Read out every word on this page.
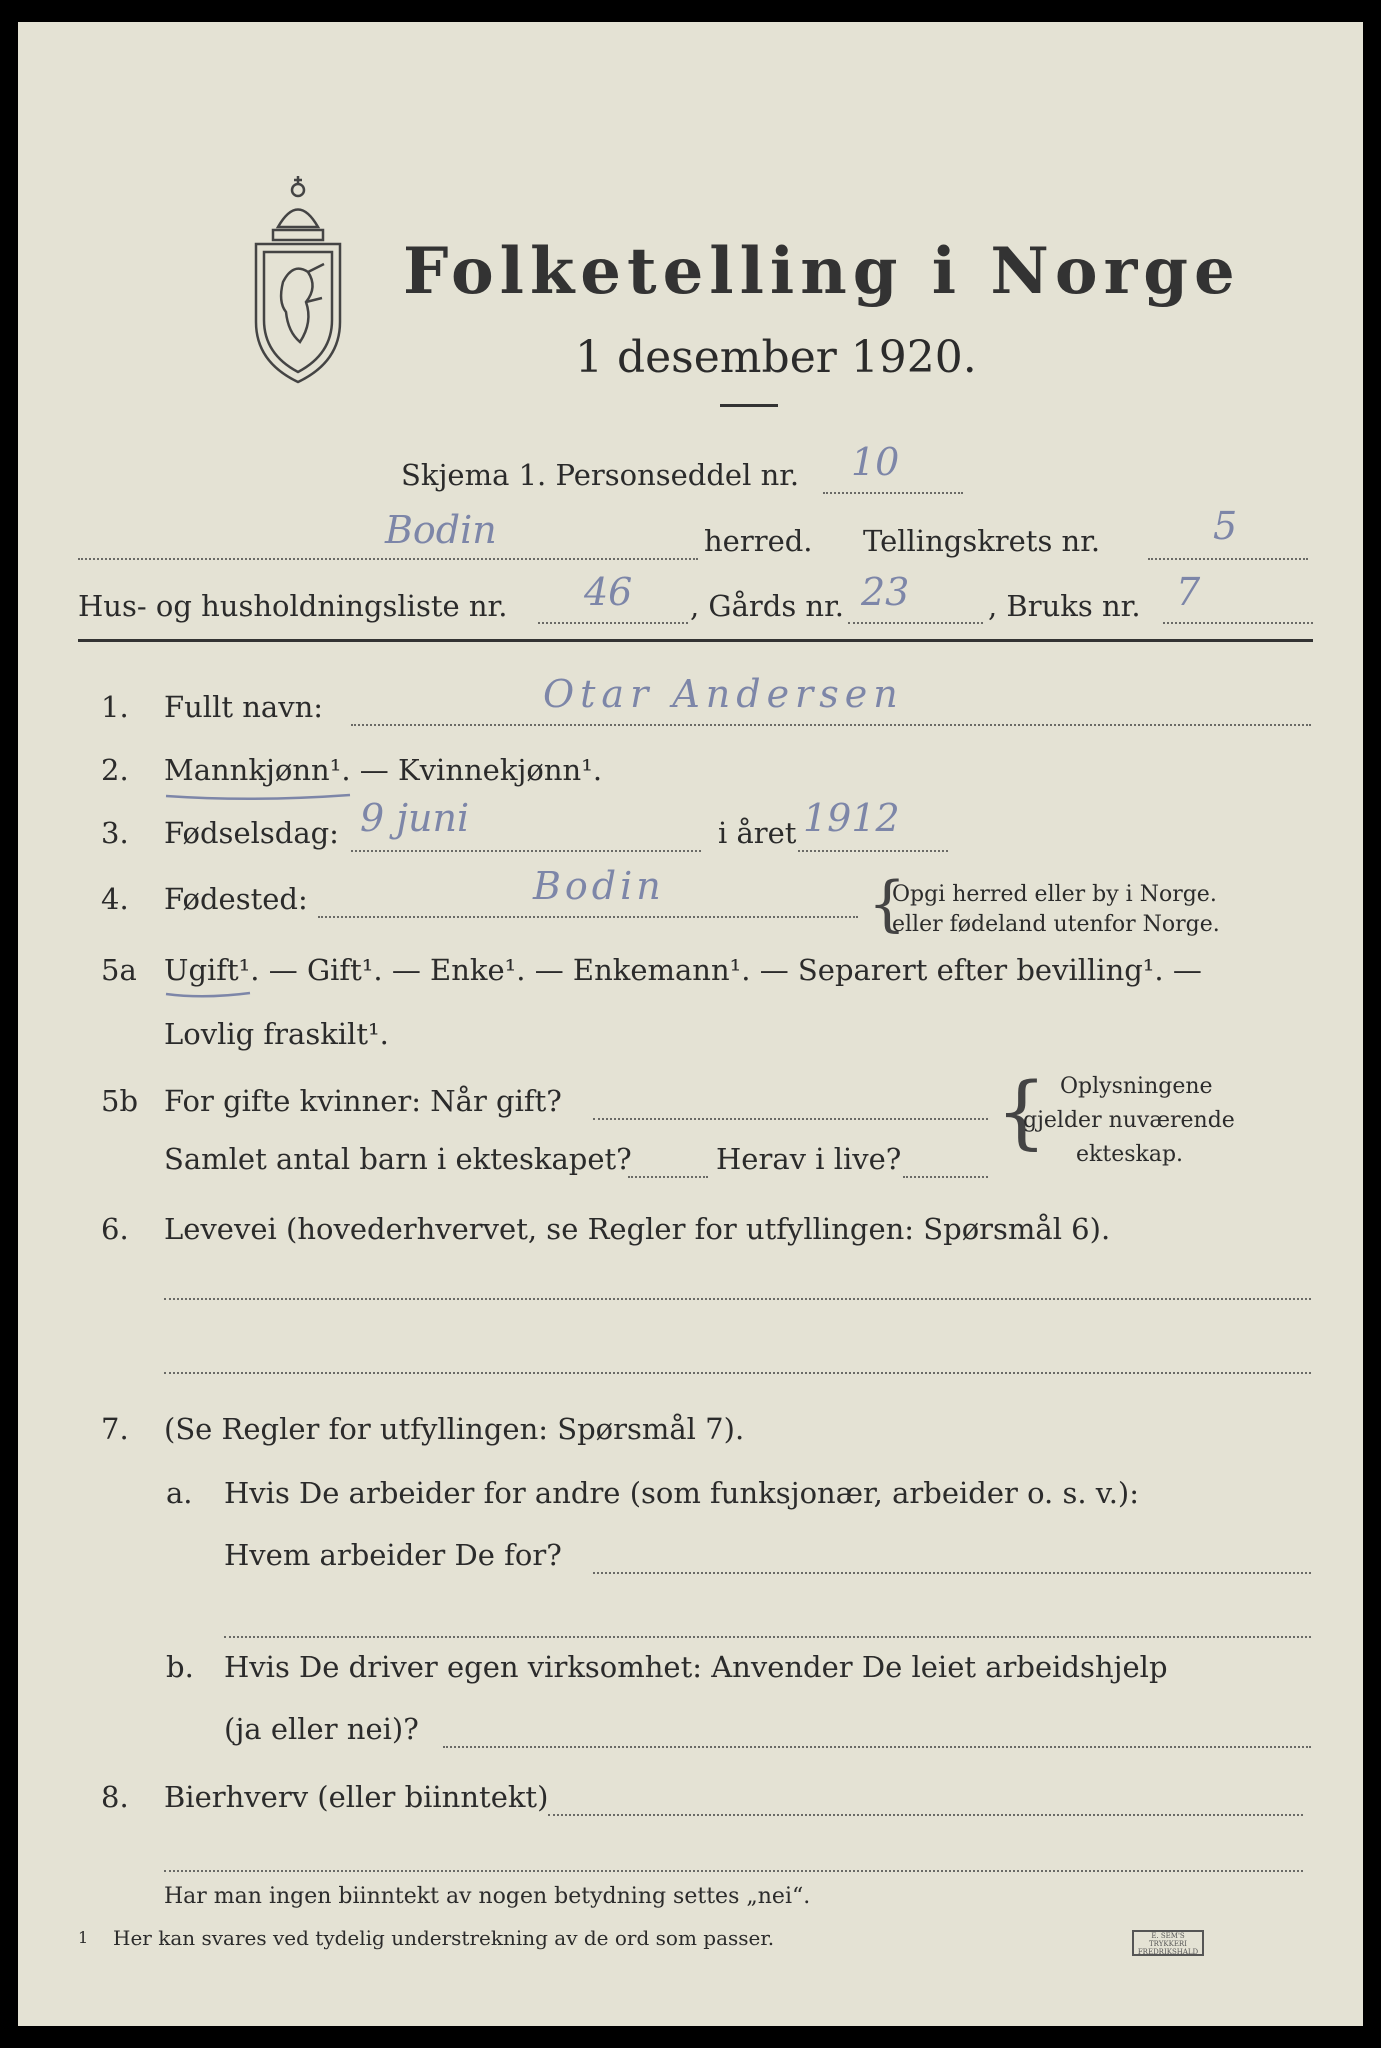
Folketelling i Norge
1 desember 1920.
Skjema 1. Personseddel nr. 10
Bodin	herred. Tellingskrets nr.	5
Hus- og husholdningsliste nr. 46 , Gårds nr. 23	, Bruks nr. 7
1. Fullt navn:	Otar Andersen
2. Mannkjønn¹. — Kvinnekjønn¹.
3. Fødselsdag: 9 juni	i året 1912
4. Fødested:	Bodin	{
Opgi herred eller by i Norge.
eller fødeland utenfor Norge.
5a Ugift¹. — Gift¹. — Enke¹. — Enkemann¹. — Separert efter bevilling¹. —
Lovlig fraskilt¹.
5b For gifte kvinner: Når gift?
Samlet antal barn i ekteskapet?	Herav i live?
{ Oplysningene
gjelder nuværende
ekteskap.
6. Levevei (hovederhvervet, se Regler for utfyllingen: Spørsmål 6).
7. (Se Regler for utfyllingen: Spørsmål 7).
a. Hvis De arbeider for andre (som funksjonær, arbeider o. s. v.):
Hvem arbeider De for?
b. Hvis De driver egen virksomhet: Anvender De leiet arbeidshjelp
(ja eller nei)?
8. Bierhverv (eller biinntekt)
Har man ingen biinntekt av nogen betydning settes „nei“.
1 Her kan svares ved tydelig understrekning av de ord som passer.	E. SEM'S TRYKKERI FREDRIKSHALD
